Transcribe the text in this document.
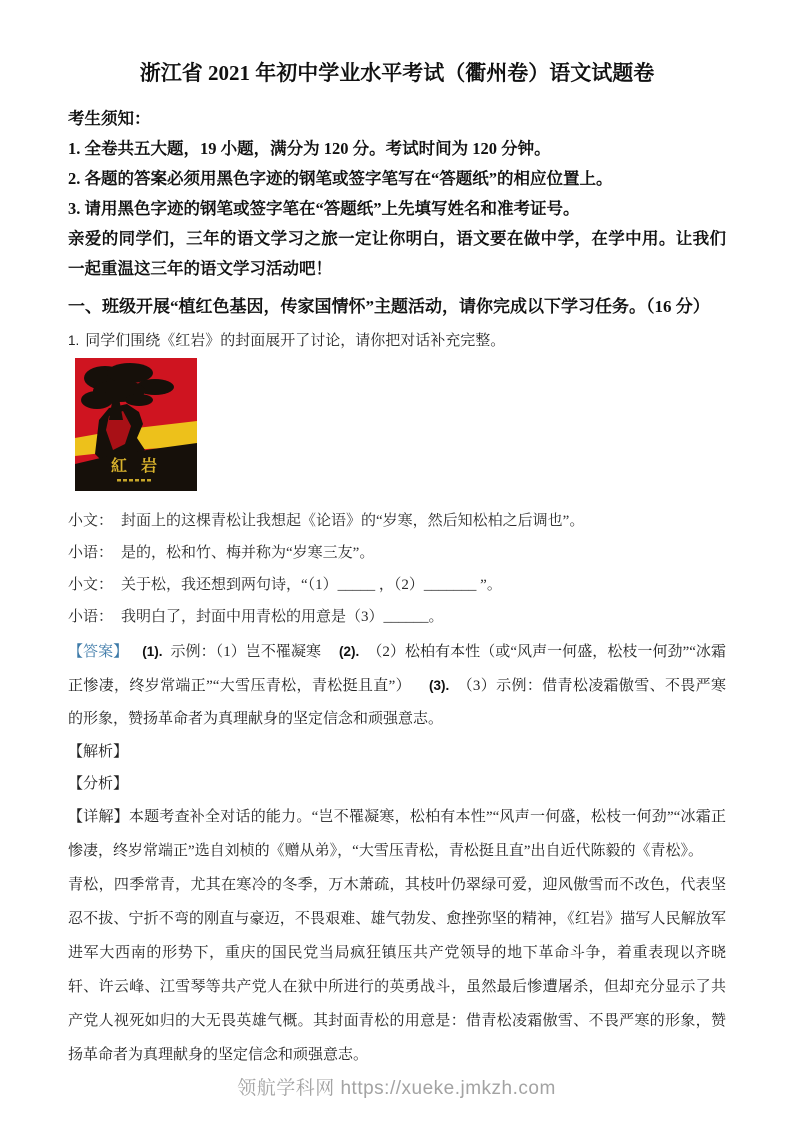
浙江省 2021 年初中学业水平考试（衢州卷）语文试题卷

考生须知：

1. 全卷共五大题，19 小题，满分为 120 分。考试时间为 120 分钟。

2. 各题的答案必须用黑色字迹的钢笔或签字笔写在“答题纸”的相应位置上。

3. 请用黑色字迹的钢笔或签字笔在“答题纸”上先填写姓名和准考证号。

亲爱的同学们，三年的语文学习之旅一定让你明白，语文要在做中学，在学中用。让我们一起重温这三年的语文学习活动吧！

一、班级开展“植红色基因，传家国情怀”主题活动，请你完成以下学习任务。（16 分）

1. 同学们围绕《红岩》的封面展开了讨论，请你把对话补充完整。

紅岩

小文： 封面上的这棵青松让我想起《论语》的“岁寒，然后知松柏之后调也”。

小语： 是的，松和竹、梅并称为“岁寒三友”。

小文： 关于松，我还想到两句诗，“（1）_____ ，（2）_______ ”。

小语： 我明白了，封面中用青松的用意是（3）______。

【答案】 (1). 示例：（1）岂不罹凝寒 (2). （2）松柏有本性（或“风声一何盛，松枝一何劲”“冰霜正惨凄，终岁常端正”“大雪压青松，青松挺且直”） (3). （3）示例：借青松凌霜傲雪、不畏严寒的形象，赞扬革命者为真理献身的坚定信念和顽强意志。

【解析】

【分析】

【详解】本题考查补全对话的能力。“岂不罹凝寒，松柏有本性”“风声一何盛，松枝一何劲”“冰霜正惨凄，终岁常端正”选自刘桢的《赠从弟》，“大雪压青松，青松挺且直”出自近代陈毅的《青松》。

青松，四季常青，尤其在寒冷的冬季，万木萧疏，其枝叶仍翠绿可爱，迎风傲雪而不改色，代表坚忍不拔、宁折不弯的刚直与豪迈，不畏艰难、雄气勃发、愈挫弥坚的精神，《红岩》描写人民解放军进军大西南的形势下，重庆的国民党当局疯狂镇压共产党领导的地下革命斗争，着重表现以齐晓轩、许云峰、江雪琴等共产党人在狱中所进行的英勇战斗，虽然最后惨遭屠杀，但却充分显示了共产党人视死如归的大无畏英雄气概。其封面青松的用意是：借青松凌霜傲雪、不畏严寒的形象，赞扬革命者为真理献身的坚定信念和顽强意志。

领航学科网 https://xueke.jmkzh.com
